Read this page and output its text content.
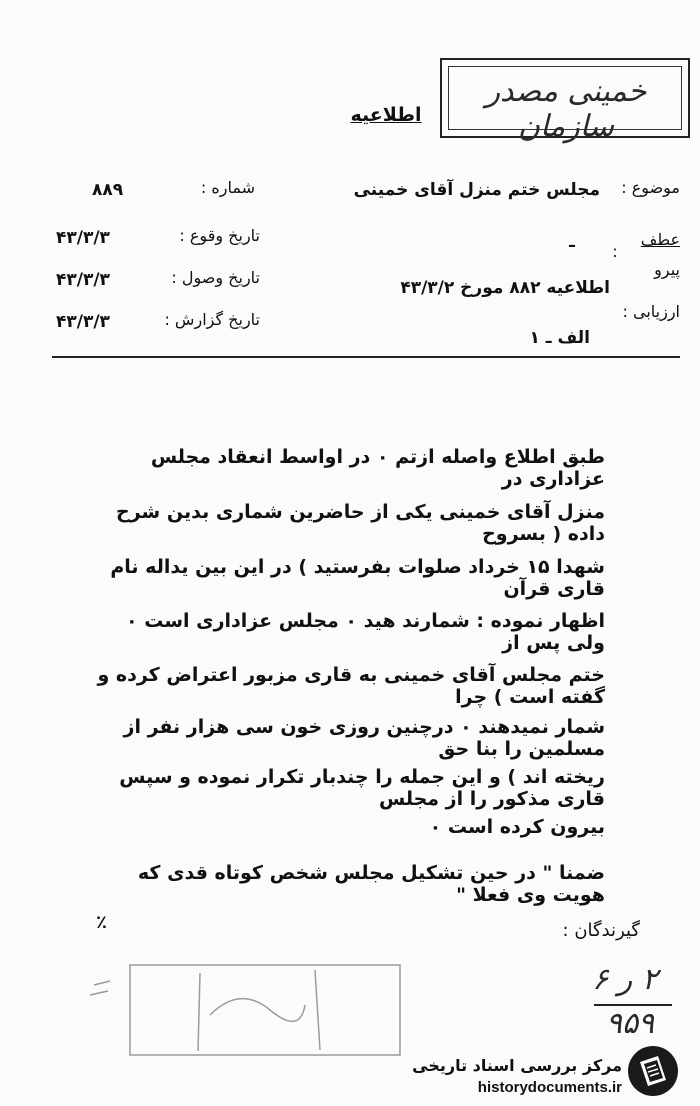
خمینی مصدر سازمان
اطلاعیه
شماره :
۸۸۹
تاریخ وقوع :
۴۳/۳/۳
تاریخ وصول :
۴۳/۳/۳
تاریخ گزارش :
۴۳/۳/۳
موضوع :
مجلس ختم منزل آقای خمینی
عطف
ـ	:
پیرو
اطلاعیه ۸۸۲ مورخ ۴۳/۳/۲
ارزیابی :
الف ـ ۱
طبق اطلاع واصله ازتم ۰ در اواسط انعقاد مجلس عزاداری در
منزل آقای خمینی یکی از حاضرین شماری بدین شرح داده ( بسروح
شهدا ۱۵ خرداد صلوات بفرستید ) در این بین یداله نام قاری قرآن
اظهار نموده : شمارند هید ۰ مجلس عزاداری است ۰ ولی پس از
ختم مجلس آقای خمینی به قاری مزبور اعتراض کرده و گفته است ) چرا
شمار نمیدهند ۰ درچنین روزی خون سی هزار نفر از مسلمین را بنا حق
ریخته اند ) و این جمله را چندبار تکرار نموده و سپس قاری مذکور را از مجلس
بیرون کرده است ۰
ضمنا " در حین تشکیل مجلس شخص کوتاه قدی که هویت وی فعلا "
گیرندگان :
٪
۲ ر ۶
۹۵۹
مرکز بررسی اسناد تاریخی
historydocuments.ir
